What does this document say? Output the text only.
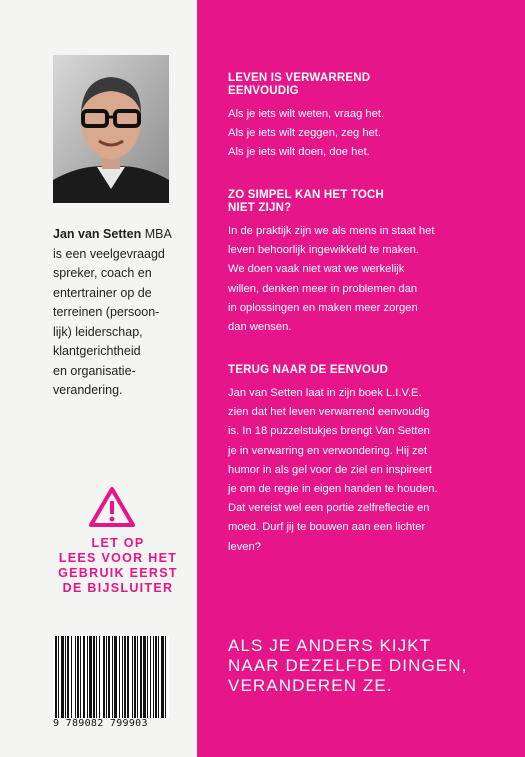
Jan van Setten MBA
is een veelgevraagd
spreker, coach en
entertrainer op de
terreinen (persoon-
lijk) leiderschap,
klantgerichtheid
en organisatie-
verandering.
LET OP
LEES VOOR HET
GEBRUIK EERST
DE BIJSLUITER
9 789082 799903
LEVEN IS VERWARREND
EENVOUDIG
Als je iets wilt weten, vraag het.
Als je iets wilt zeggen, zeg het.
Als je iets wilt doen, doe het.
ZO SIMPEL KAN HET TOCH
NIET ZIJN?
In de praktijk zijn we als mens in staat het
leven behoorlijk ingewikkeld te maken.
We doen vaak niet wat we werkelijk
willen, denken meer in problemen dan
in oplossingen en maken meer zorgen
dan wensen.
TERUG NAAR DE EENVOUD
Jan van Setten laat in zijn boek L.I.V.E.
zien dat het leven verwarrend eenvoudig
is. In 18 puzzelstukjes brengt Van Setten
je in verwarring en verwondering. Hij zet
humor in als gel voor de ziel en inspireert
je om de regie in eigen handen te houden.
Dat vereist wel een portie zelfreflectie en
moed. Durf jij te bouwen aan een lichter
leven?
ALS JE ANDERS KIJKT
NAAR DEZELFDE DINGEN,
VERANDEREN ZE.
